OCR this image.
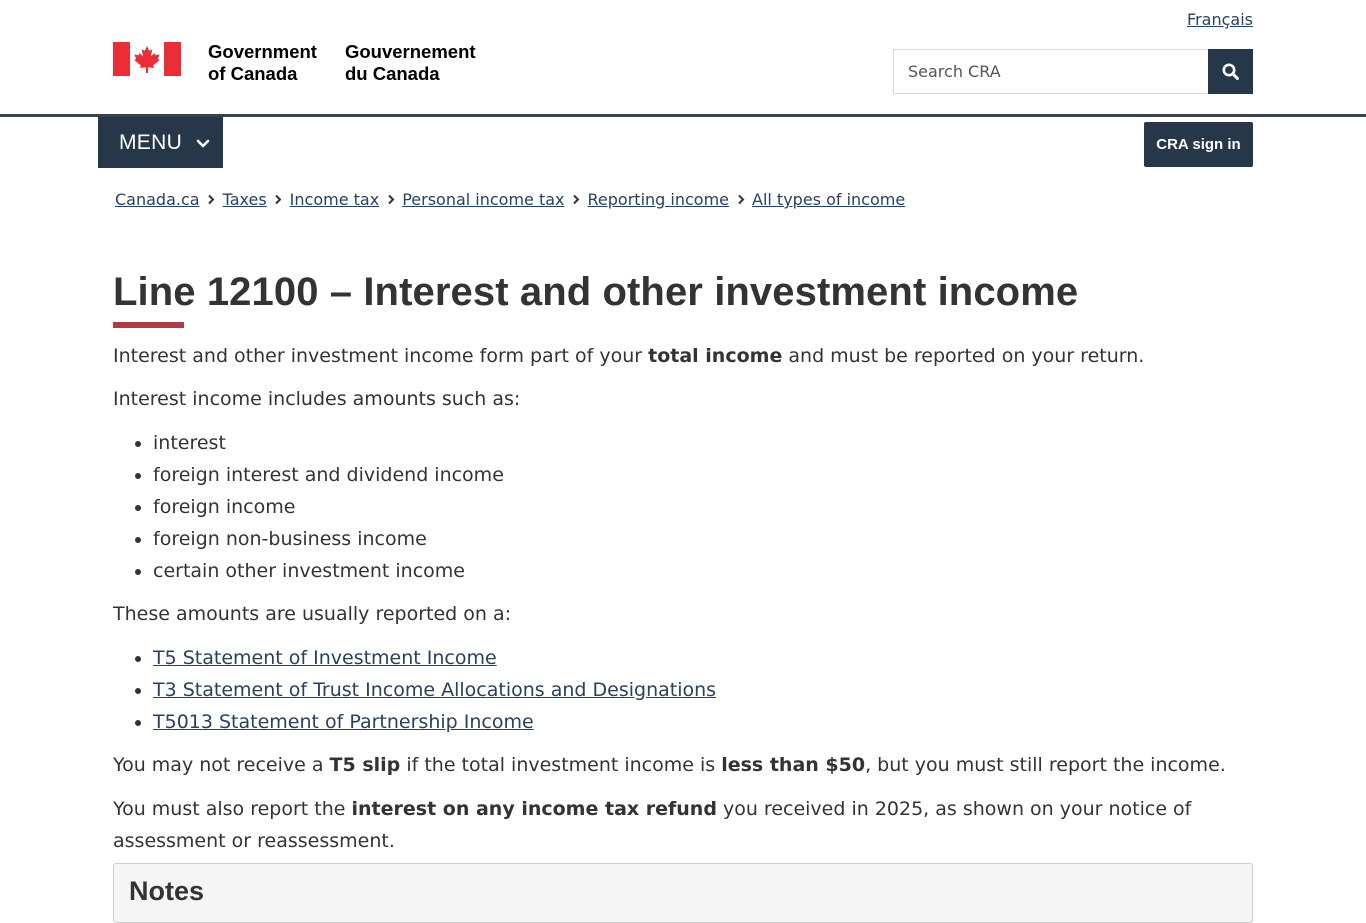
Français
Government
of Canada
Gouvernement
du Canada
Search CRA
MENU	CRA sign in
Canada.ca Taxes Income tax Personal income tax Reporting income All types of income
Line 12100 – Interest and other investment income

Interest and other investment income form part of your total income and must be reported on your return.

Interest income includes amounts such as:

• interest
• foreign interest and dividend income
• foreign income
• foreign non-business income
• certain other investment income

These amounts are usually reported on a:

• T5 Statement of Investment Income
• T3 Statement of Trust Income Allocations and Designations
• T5013 Statement of Partnership Income

You may not receive a T5 slip if the total investment income is less than $50, but you must still report the income.

You must also report the interest on any income tax refund you received in 2025, as shown on your notice of assessment or reassessment.

Notes
